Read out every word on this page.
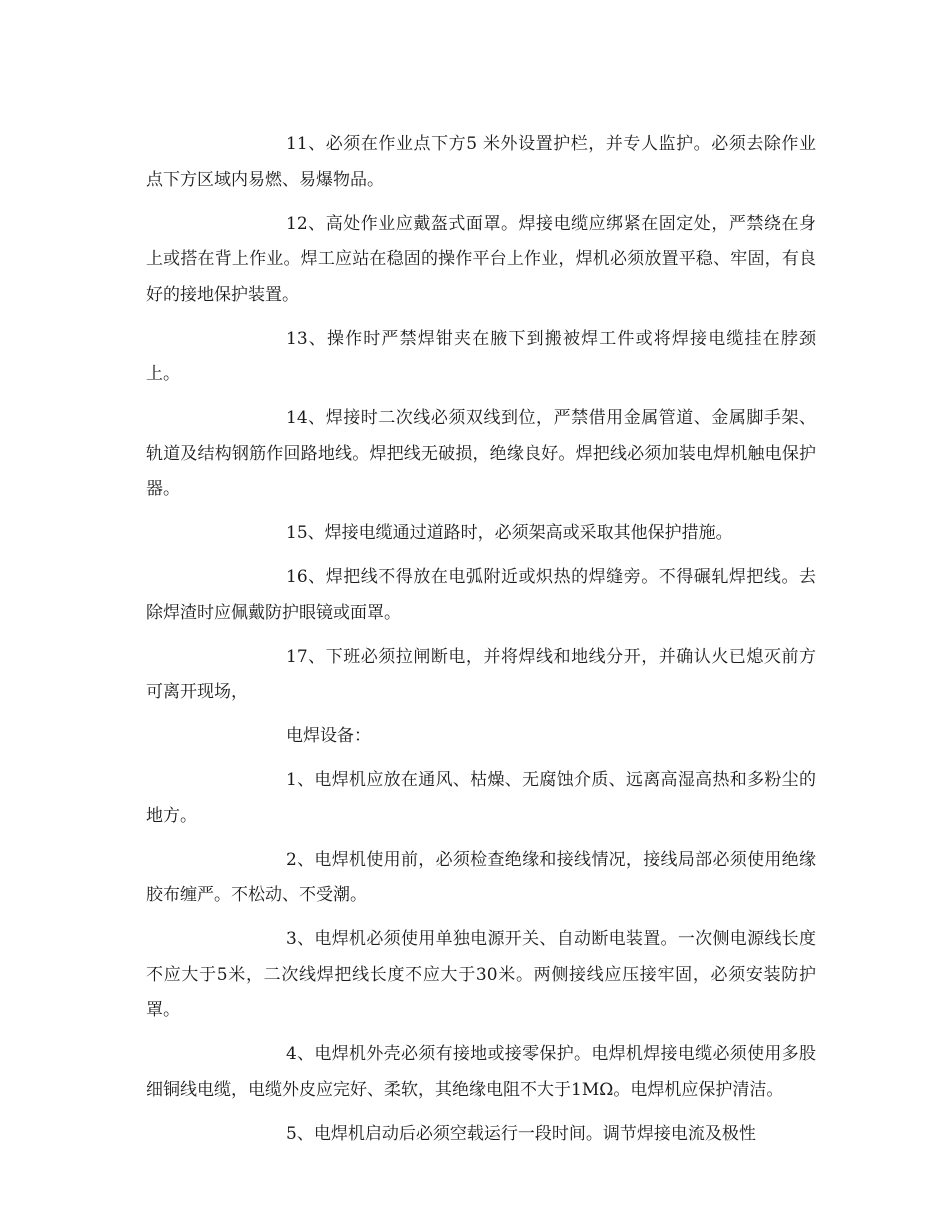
11、必须在作业点下方5 米外设置护栏，并专人监护。必须去除作业点下方区域内易燃、易爆物品。

12、高处作业应戴盔式面罩。焊接电缆应绑紧在固定处，严禁绕在身上或搭在背上作业。焊工应站在稳固的操作平台上作业，焊机必须放置平稳、牢固，有良好的接地保护装置。

13、操作时严禁焊钳夹在腋下到搬被焊工件或将焊接电缆挂在脖颈上。

14、焊接时二次线必须双线到位，严禁借用金属管道、金属脚手架、轨道及结构钢筋作回路地线。焊把线无破损，绝缘良好。焊把线必须加装电焊机触电保护器。

15、焊接电缆通过道路时，必须架高或采取其他保护措施。

16、焊把线不得放在电弧附近或炽热的焊缝旁。不得碾轧焊把线。去除焊渣时应佩戴防护眼镜或面罩。

17、下班必须拉闸断电，并将焊线和地线分开，并确认火已熄灭前方可离开现场，

电焊设备：

1、电焊机应放在通风、枯燥、无腐蚀介质、远离高湿高热和多粉尘的地方。

2、电焊机使用前，必须检查绝缘和接线情况，接线局部必须使用绝缘胶布缠严。不松动、不受潮。

3、电焊机必须使用单独电源开关、自动断电装置。一次侧电源线长度不应大于5米，二次线焊把线长度不应大于30米。两侧接线应压接牢固，必须安装防护罩。

4、电焊机外壳必须有接地或接零保护。电焊机焊接电缆必须使用多股细铜线电缆，电缆外皮应完好、柔软，其绝缘电阻不大于1MΩ。电焊机应保护清洁。

5、电焊机启动后必须空载运行一段时间。调节焊接电流及极性
